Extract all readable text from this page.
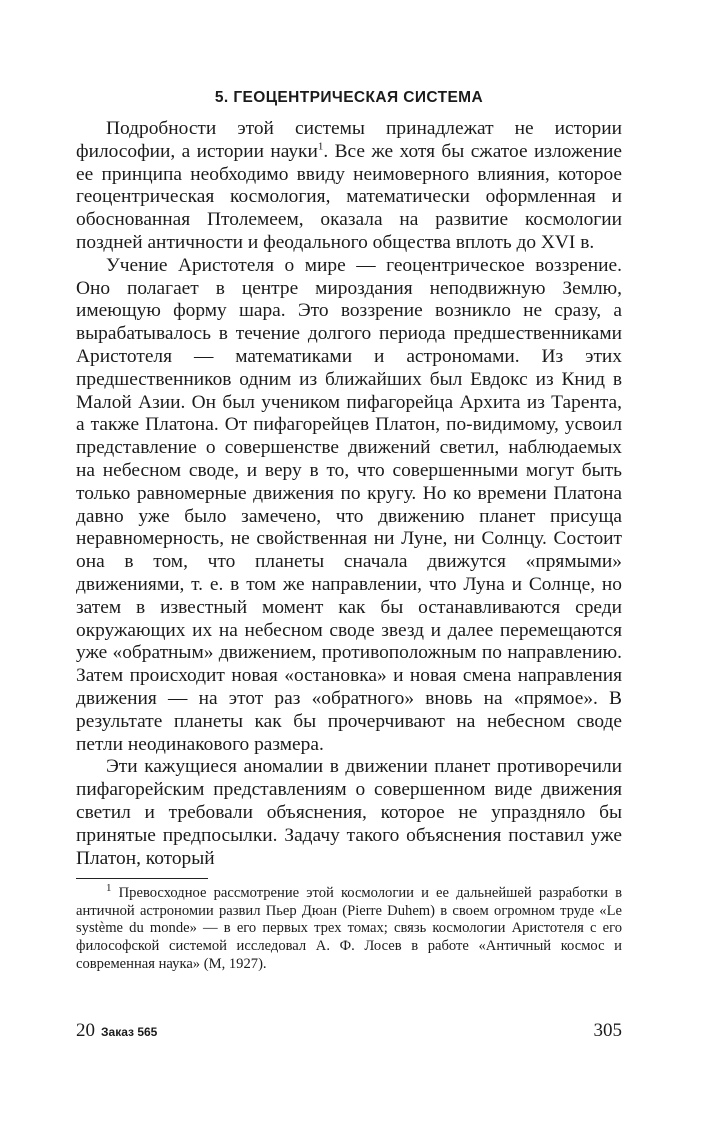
5. ГЕОЦЕНТРИЧЕСКАЯ СИСТЕМА

Подробности этой системы принадлежат не истории философии, а истории науки$^1$. Все же хотя бы сжатое изложение ее принципа необходимо ввиду неимоверного влияния, которое геоцентрическая космология, математически оформленная и обоснованная Птолемеем, оказала на развитие космологии поздней античности и феодального общества вплоть до XVI в.

Учение Аристотеля о мире — геоцентрическое воззрение. Оно полагает в центре мироздания неподвижную Землю, имеющую форму шара. Это воззрение возникло не сразу, а вырабатывалось в течение долгого периода предшественниками Аристотеля — математиками и астрономами. Из этих предшественников одним из ближайших был Евдокс из Книд в Малой Азии. Он был учеником пифагорейца Архита из Тарента, а также Платона. От пифагорейцев Платон, по-видимому, усвоил представление о совершенстве движений светил, наблюдаемых на небесном своде, и веру в то, что совершенными могут быть только равномерные движения по кругу. Но ко времени Платона давно уже было замечено, что движению планет присуща неравномерность, не свойственная ни Луне, ни Солнцу. Состоит она в том, что планеты сначала движутся «прямыми» движениями, т. е. в том же направлении, что Луна и Солнце, но затем в известный момент как бы останавливаются среди окружающих их на небесном своде звезд и далее перемещаются уже «обратным» движением, противоположным по направлению. Затем происходит новая «остановка» и новая смена направления движения — на этот раз «обратного» вновь на «прямое». В результате планеты как бы прочерчивают на небесном своде петли неодинакового размера.

Эти кажущиеся аномалии в движении планет противоречили пифагорейским представлениям о совершенном виде движения светил и требовали объяснения, которое не упраздняло бы принятые предпосылки. Задачу такого объяснения поставил уже Платон, который

$^1$ Превосходное рассмотрение этой космологии и ее дальнейшей разработки в античной астрономии развил Пьер Дюан (Pierre Duhem) в своем огромном труде «Le système du monde» — в его первых трех томах; связь космологии Аристотеля с его философской системой исследовал А. Ф. Лосев в работе «Античный космос и современная наука» (М, 1927).

20 Заказ 565	305
